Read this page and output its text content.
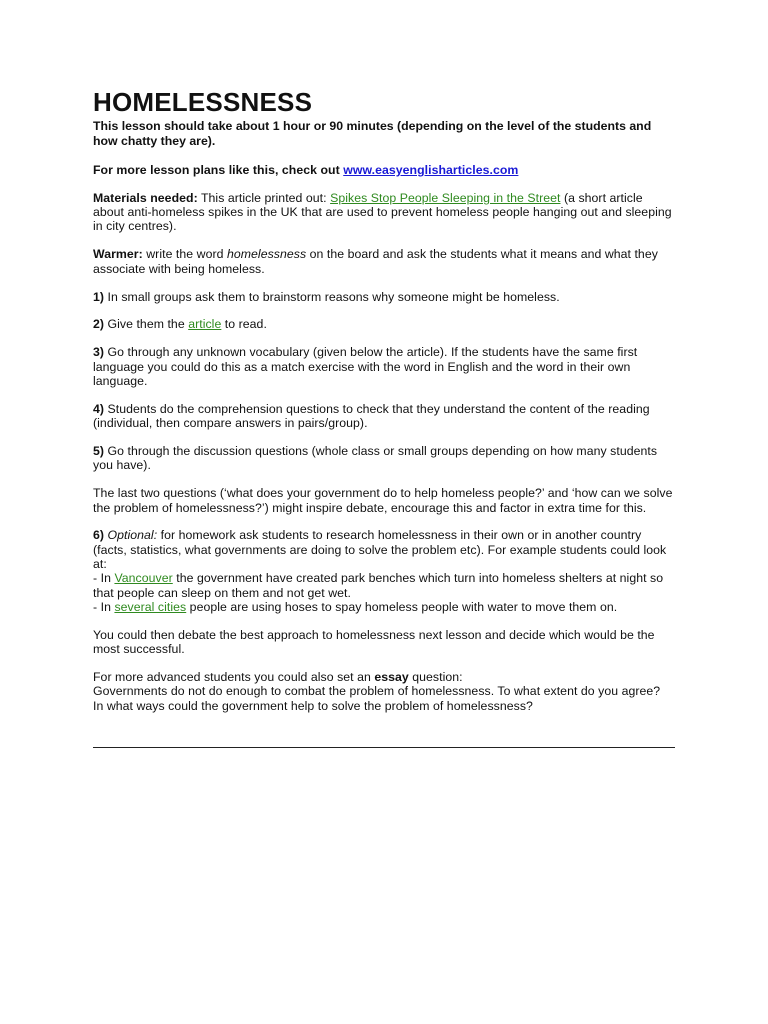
HOMELESSNESS
This lesson should take about 1 hour or 90 minutes (depending on the level of the students and how chatty they are).

For more lesson plans like this, check out www.easyenglisharticles.com

Materials needed: This article printed out: Spikes Stop People Sleeping in the Street (a short article about anti-homeless spikes in the UK that are used to prevent homeless people hanging out and sleeping in city centres).

Warmer: write the word homelessness on the board and ask the students what it means and what they associate with being homeless.

1) In small groups ask them to brainstorm reasons why someone might be homeless.

2) Give them the article to read.

3) Go through any unknown vocabulary (given below the article). If the students have the same first language you could do this as a match exercise with the word in English and the word in their own language.

4) Students do the comprehension questions to check that they understand the content of the reading (individual, then compare answers in pairs/group).

5) Go through the discussion questions (whole class or small groups depending on how many students you have).

The last two questions (‘what does your government do to help homeless people?’ and ‘how can we solve the problem of homelessness?’) might inspire debate, encourage this and factor in extra time for this.

6) Optional: for homework ask students to research homelessness in their own or in another country (facts, statistics, what governments are doing to solve the problem etc). For example students could look at:
- In Vancouver the government have created park benches which turn into homeless shelters at night so that people can sleep on them and not get wet.
- In several cities people are using hoses to spay homeless people with water to move them on.

You could then debate the best approach to homelessness next lesson and decide which would be the most successful.

For more advanced students you could also set an essay question:
Governments do not do enough to combat the problem of homelessness. To what extent do you agree?
In what ways could the government help to solve the problem of homelessness?
